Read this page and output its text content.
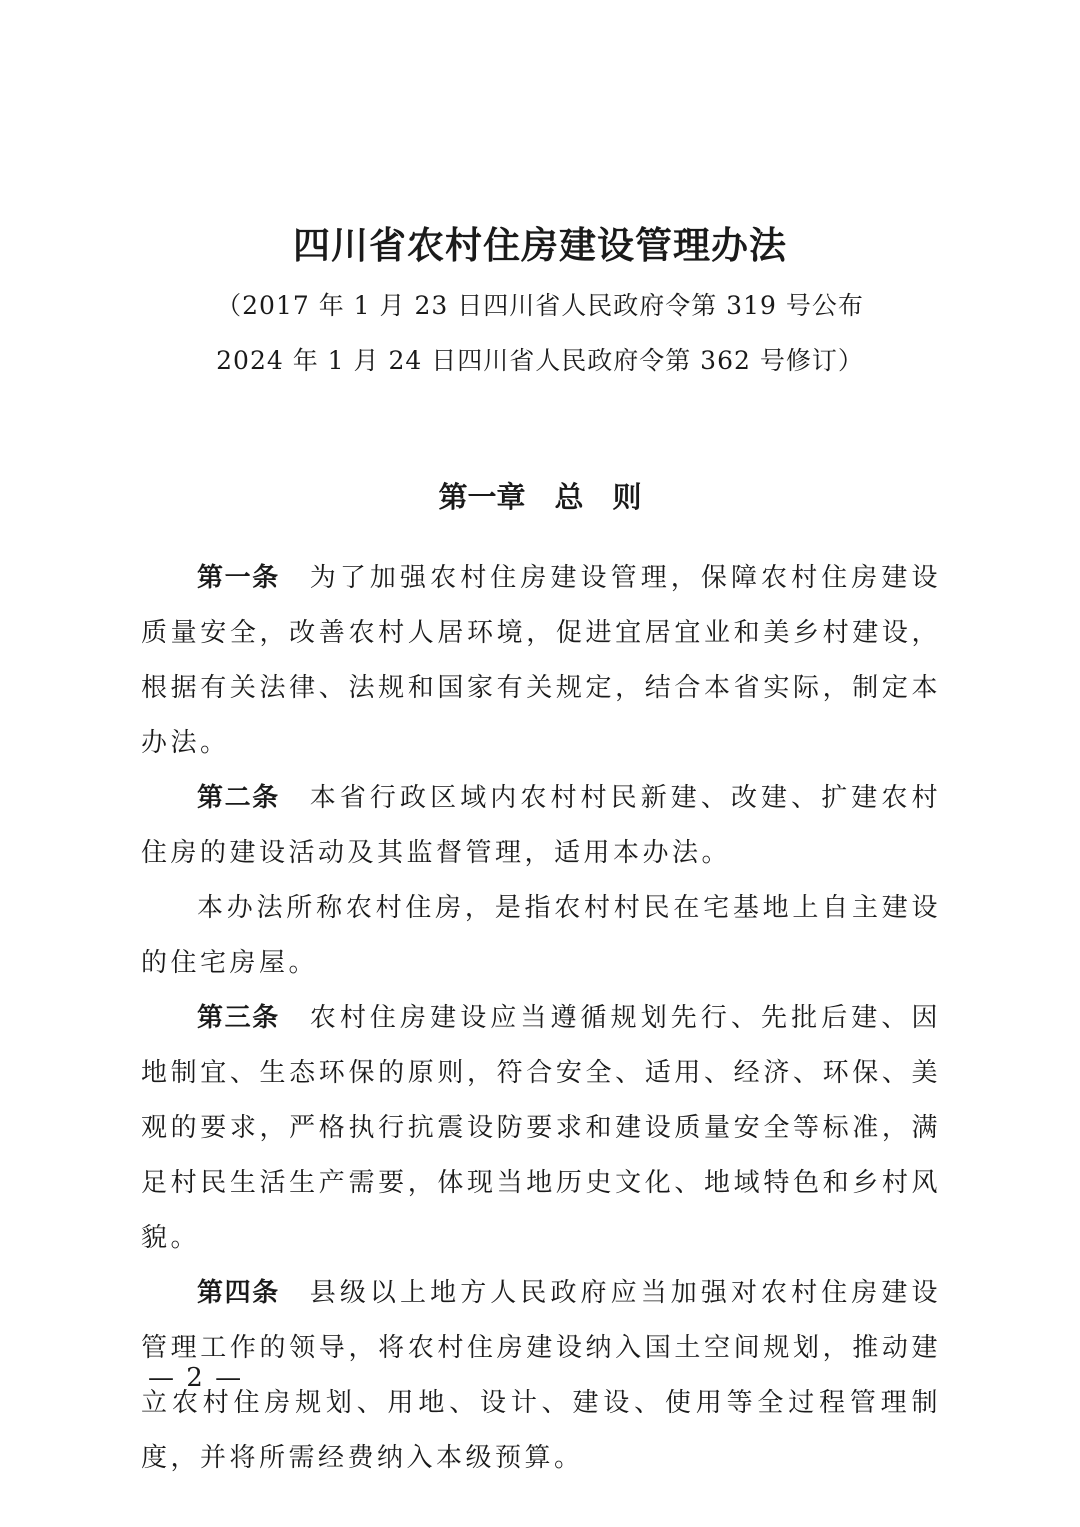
四川省农村住房建设管理办法
（2017 年 1 月 23 日四川省人民政府令第 319 号公布
2024 年 1 月 24 日四川省人民政府令第 362 号修订）
第一章　总　则

第一条 为了加强农村住房建设管理，保障农村住房建设质量安全，改善农村人居环境，促进宜居宜业和美乡村建设，根据有关法律、法规和国家有关规定，结合本省实际，制定本办法。

第二条 本省行政区域内农村村民新建、改建、扩建农村住房的建设活动及其监督管理，适用本办法。

本办法所称农村住房，是指农村村民在宅基地上自主建设的住宅房屋。

第三条 农村住房建设应当遵循规划先行、先批后建、因地制宜、生态环保的原则，符合安全、适用、经济、环保、美观的要求，严格执行抗震设防要求和建设质量安全等标准，满足村民生活生产需要，体现当地历史文化、地域特色和乡村风貌。

第四条 县级以上地方人民政府应当加强对农村住房建设管理工作的领导，将农村住房建设纳入国土空间规划，推动建立农村住房规划、用地、设计、建设、使用等全过程管理制度，并将所需经费纳入本级预算。

— 2 —
